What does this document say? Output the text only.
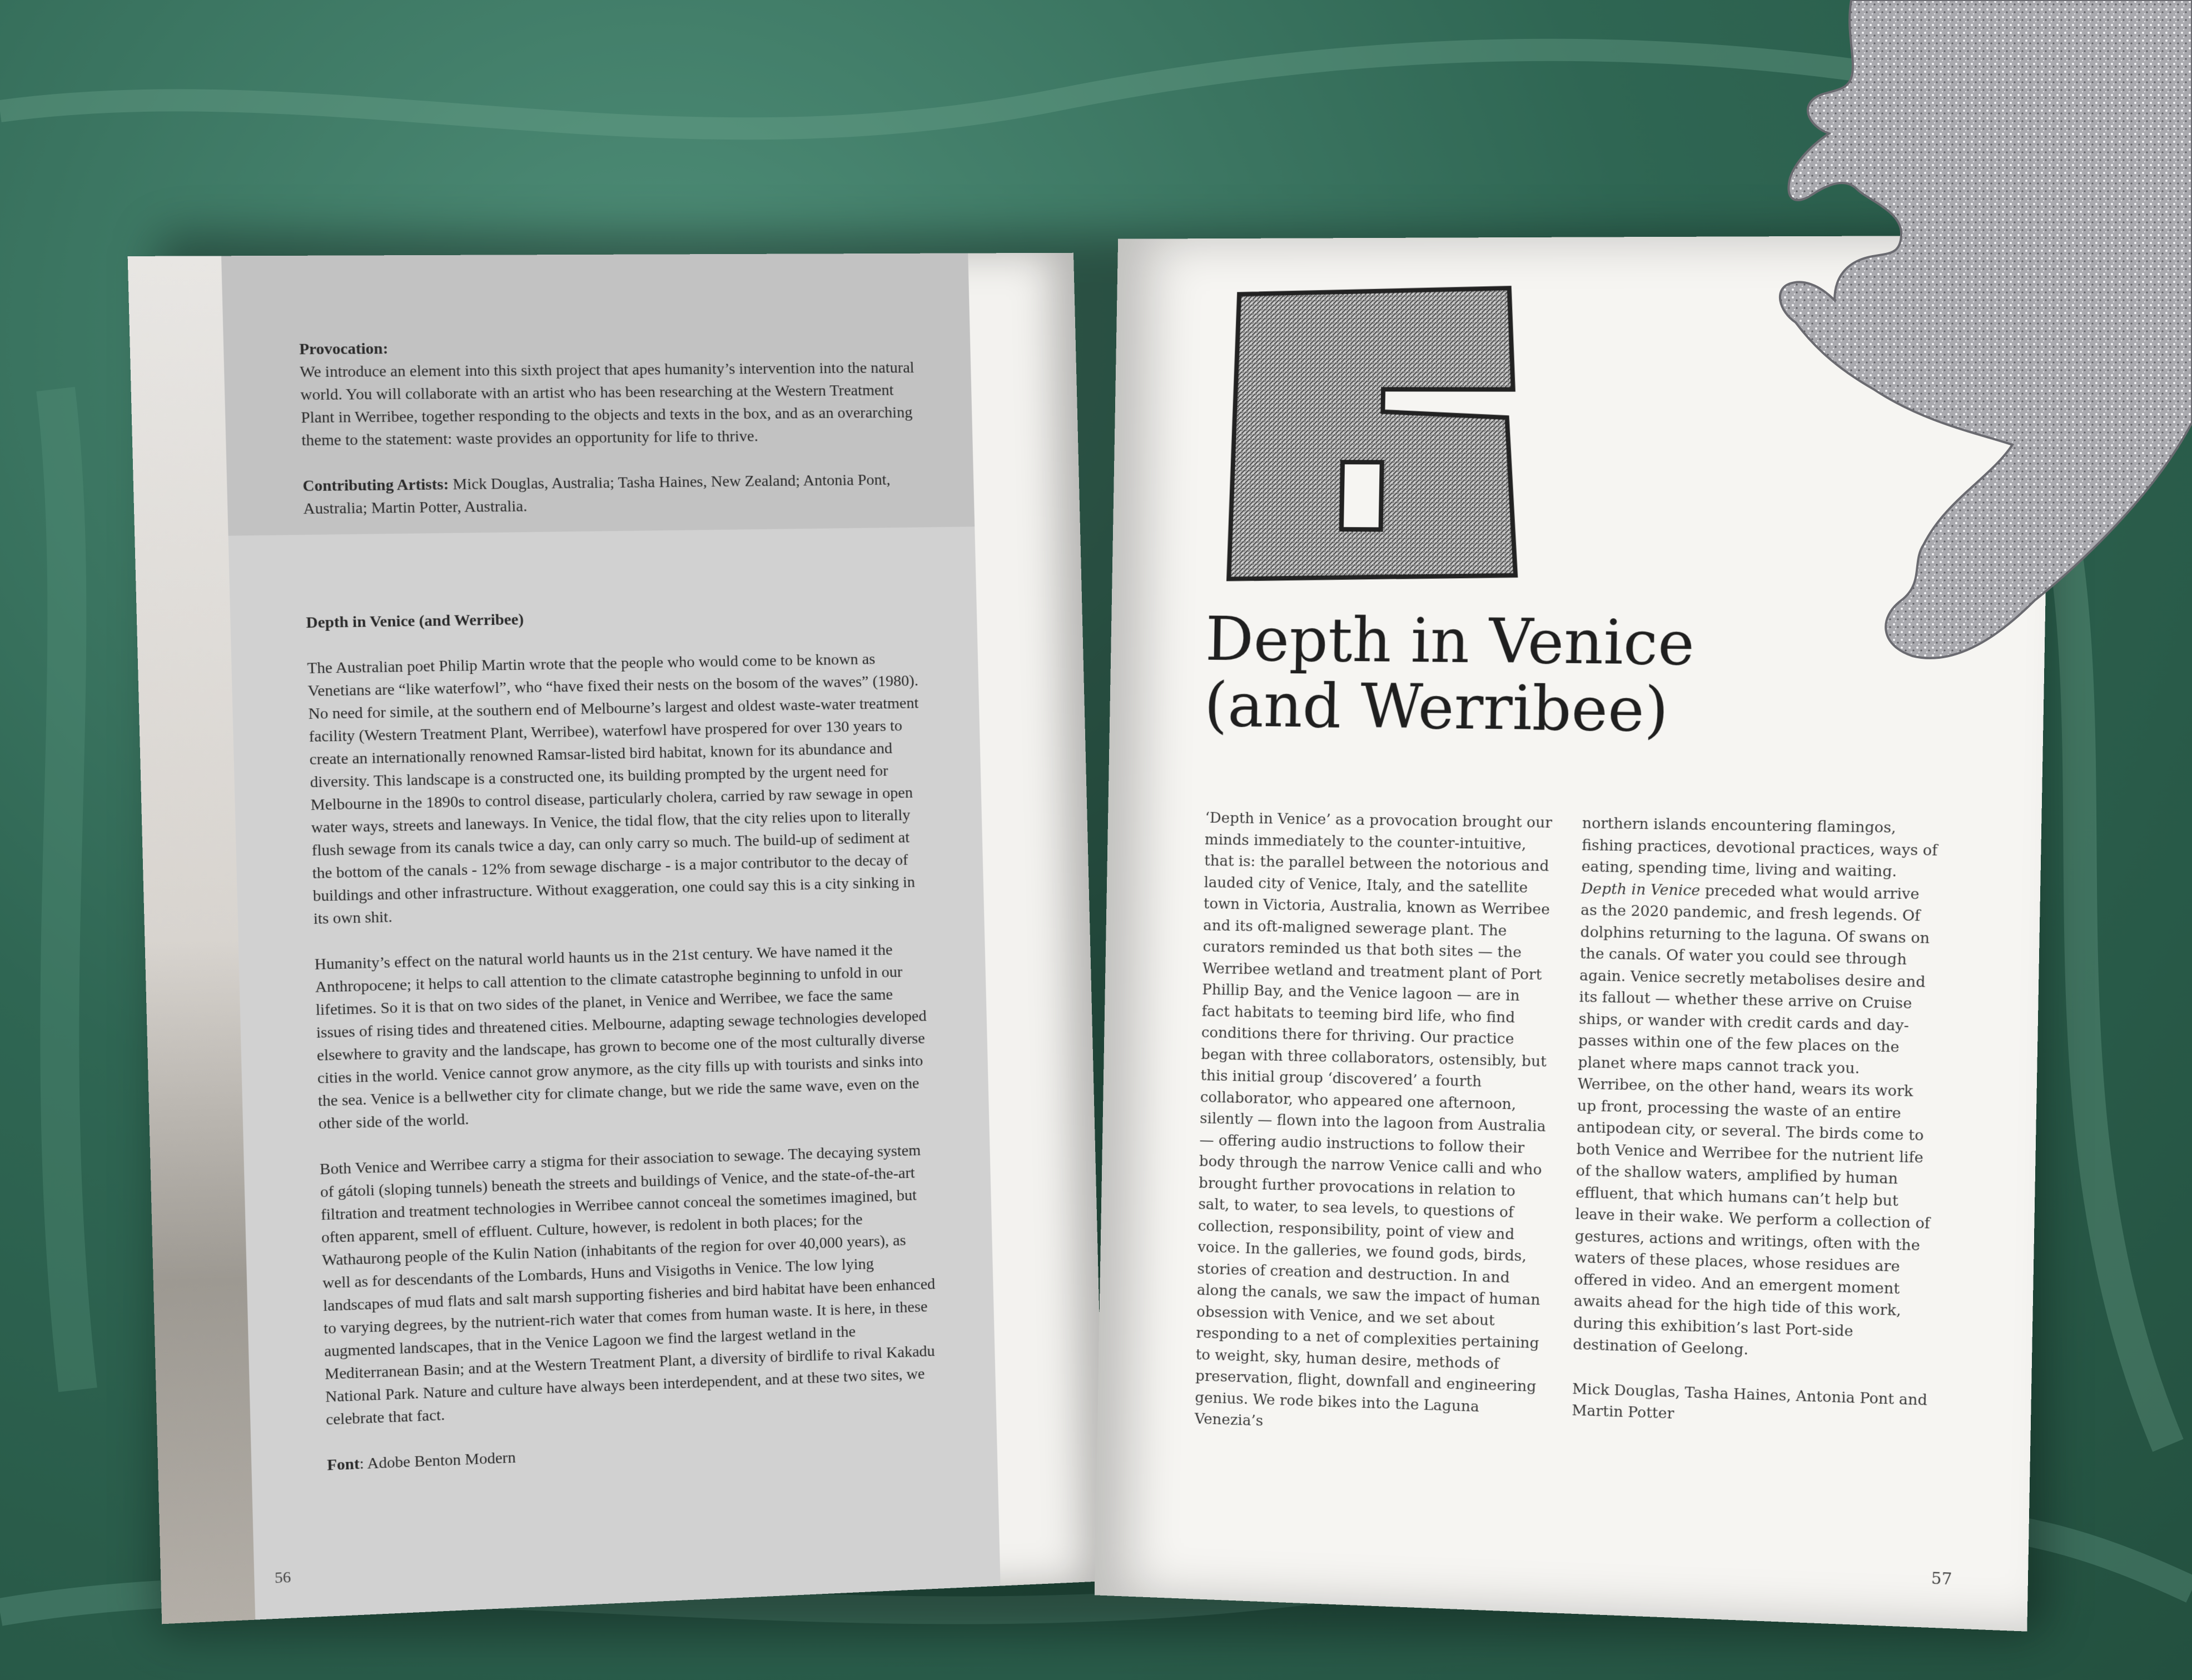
Provocation:

We introduce an element into this sixth project that apes humanity’s intervention into the natural world. You will collaborate with an artist who has been researching at the Western Treatment Plant in Werribee, together responding to the objects and texts in the box, and as an overarching theme to the statement: waste provides an opportunity for life to thrive.

Contributing Artists: Mick Douglas, Australia; Tasha Haines, New Zealand; Antonia Pont, Australia; Martin Potter, Australia.

Depth in Venice (and Werribee)

The Australian poet Philip Martin wrote that the people who would come to be known as Venetians are “like waterfowl”, who “have fixed their nests on the bosom of the waves” (1980). No need for simile, at the southern end of Melbourne’s largest and oldest waste-water treatment facility (Western Treatment Plant, Werribee), waterfowl have prospered for over 130 years to create an internationally renowned Ramsar-listed bird habitat, known for its abundance and diversity. This landscape is a constructed one, its building prompted by the urgent need for Melbourne in the 1890s to control disease, particularly cholera, carried by raw sewage in open water ways, streets and laneways. In Venice, the tidal flow, that the city relies upon to literally flush sewage from its canals twice a day, can only carry so much. The build-up of sediment at the bottom of the canals - 12% from sewage discharge - is a major contributor to the decay of buildings and other infrastructure. Without exaggeration, one could say this is a city sinking in its own shit.

Humanity’s effect on the natural world haunts us in the 21st century. We have named it the Anthropocene; it helps to call attention to the climate catastrophe beginning to unfold in our lifetimes. So it is that on two sides of the planet, in Venice and Werribee, we face the same issues of rising tides and threatened cities. Melbourne, adapting sewage technologies developed elsewhere to gravity and the landscape, has grown to become one of the most culturally diverse cities in the world. Venice cannot grow anymore, as the city fills up with tourists and sinks into the sea. Venice is a bellwether city for climate change, but we ride the same wave, even on the other side of the world.

Both Venice and Werribee carry a stigma for their association to sewage. The decaying system of gátoli (sloping tunnels) beneath the streets and buildings of Venice, and the state-of-the-art filtration and treatment technologies in Werribee cannot conceal the sometimes imagined, but often apparent, smell of effluent. Culture, however, is redolent in both places; for the Wathaurong people of the Kulin Nation (inhabitants of the region for over 40,000 years), as well as for descendants of the Lombards, Huns and Visigoths in Venice. The low lying landscapes of mud flats and salt marsh supporting fisheries and bird habitat have been enhanced to varying degrees, by the nutrient-rich water that comes from human waste. It is here, in these augmented landscapes, that in the Venice Lagoon we find the largest wetland in the Mediterranean Basin; and at the Western Treatment Plant, a diversity of birdlife to rival Kakadu National Park. Nature and culture have always been interdependent, and at these two sites, we celebrate that fact.

Font: Adobe Benton Modern

56
Depth in Venice
(and Werribee)

‘Depth in Venice’ as a provocation brought our minds immediately to the counter-intuitive, that is: the parallel between the notorious and lauded city of Venice, Italy, and the satellite town in Victoria, Australia, known as Werribee and its oft-maligned sewerage plant. The curators reminded us that both sites — the Werribee wetland and treatment plant of Port Phillip Bay, and the Venice lagoon — are in fact habitats to teeming bird life, who find conditions there for thriving. Our practice began with three collaborators, ostensibly, but this initial group ‘discovered’ a fourth collaborator, who appeared one afternoon, silently — flown into the lagoon from Australia — offering audio instructions to follow their body through the narrow Venice calli and who brought further provocations in relation to salt, to water, to sea levels, to questions of collection, responsibility, point of view and voice. In the galleries, we found gods, birds, stories of creation and destruction. In and along the canals, we saw the impact of human obsession with Venice, and we set about responding to a net of complexities pertaining to weight, sky, human desire, methods of preservation, flight, downfall and engineering genius. We rode bikes into the Laguna Venezia’s

northern islands encountering flamingos, fishing practices, devotional practices, ways of eating, spending time, living and waiting. Depth in Venice preceded what would arrive as the 2020 pandemic, and fresh legends. Of dolphins returning to the laguna. Of swans on the canals. Of water you could see through again. Venice secretly metabolises desire and its fallout — whether these arrive on Cruise ships, or wander with credit cards and day-passes within one of the few places on the planet where maps cannot track you. Werribee, on the other hand, wears its work up front, processing the waste of an entire antipodean city, or several. The birds come to both Venice and Werribee for the nutrient life of the shallow waters, amplified by human effluent, that which humans can’t help but leave in their wake. We perform a collection of gestures, actions and writings, often with the waters of these places, whose residues are offered in video. And an emergent moment awaits ahead for the high tide of this work, during this exhibition’s last Port-side destination of Geelong.

Mick Douglas, Tasha Haines, Antonia Pont and Martin Potter

57
